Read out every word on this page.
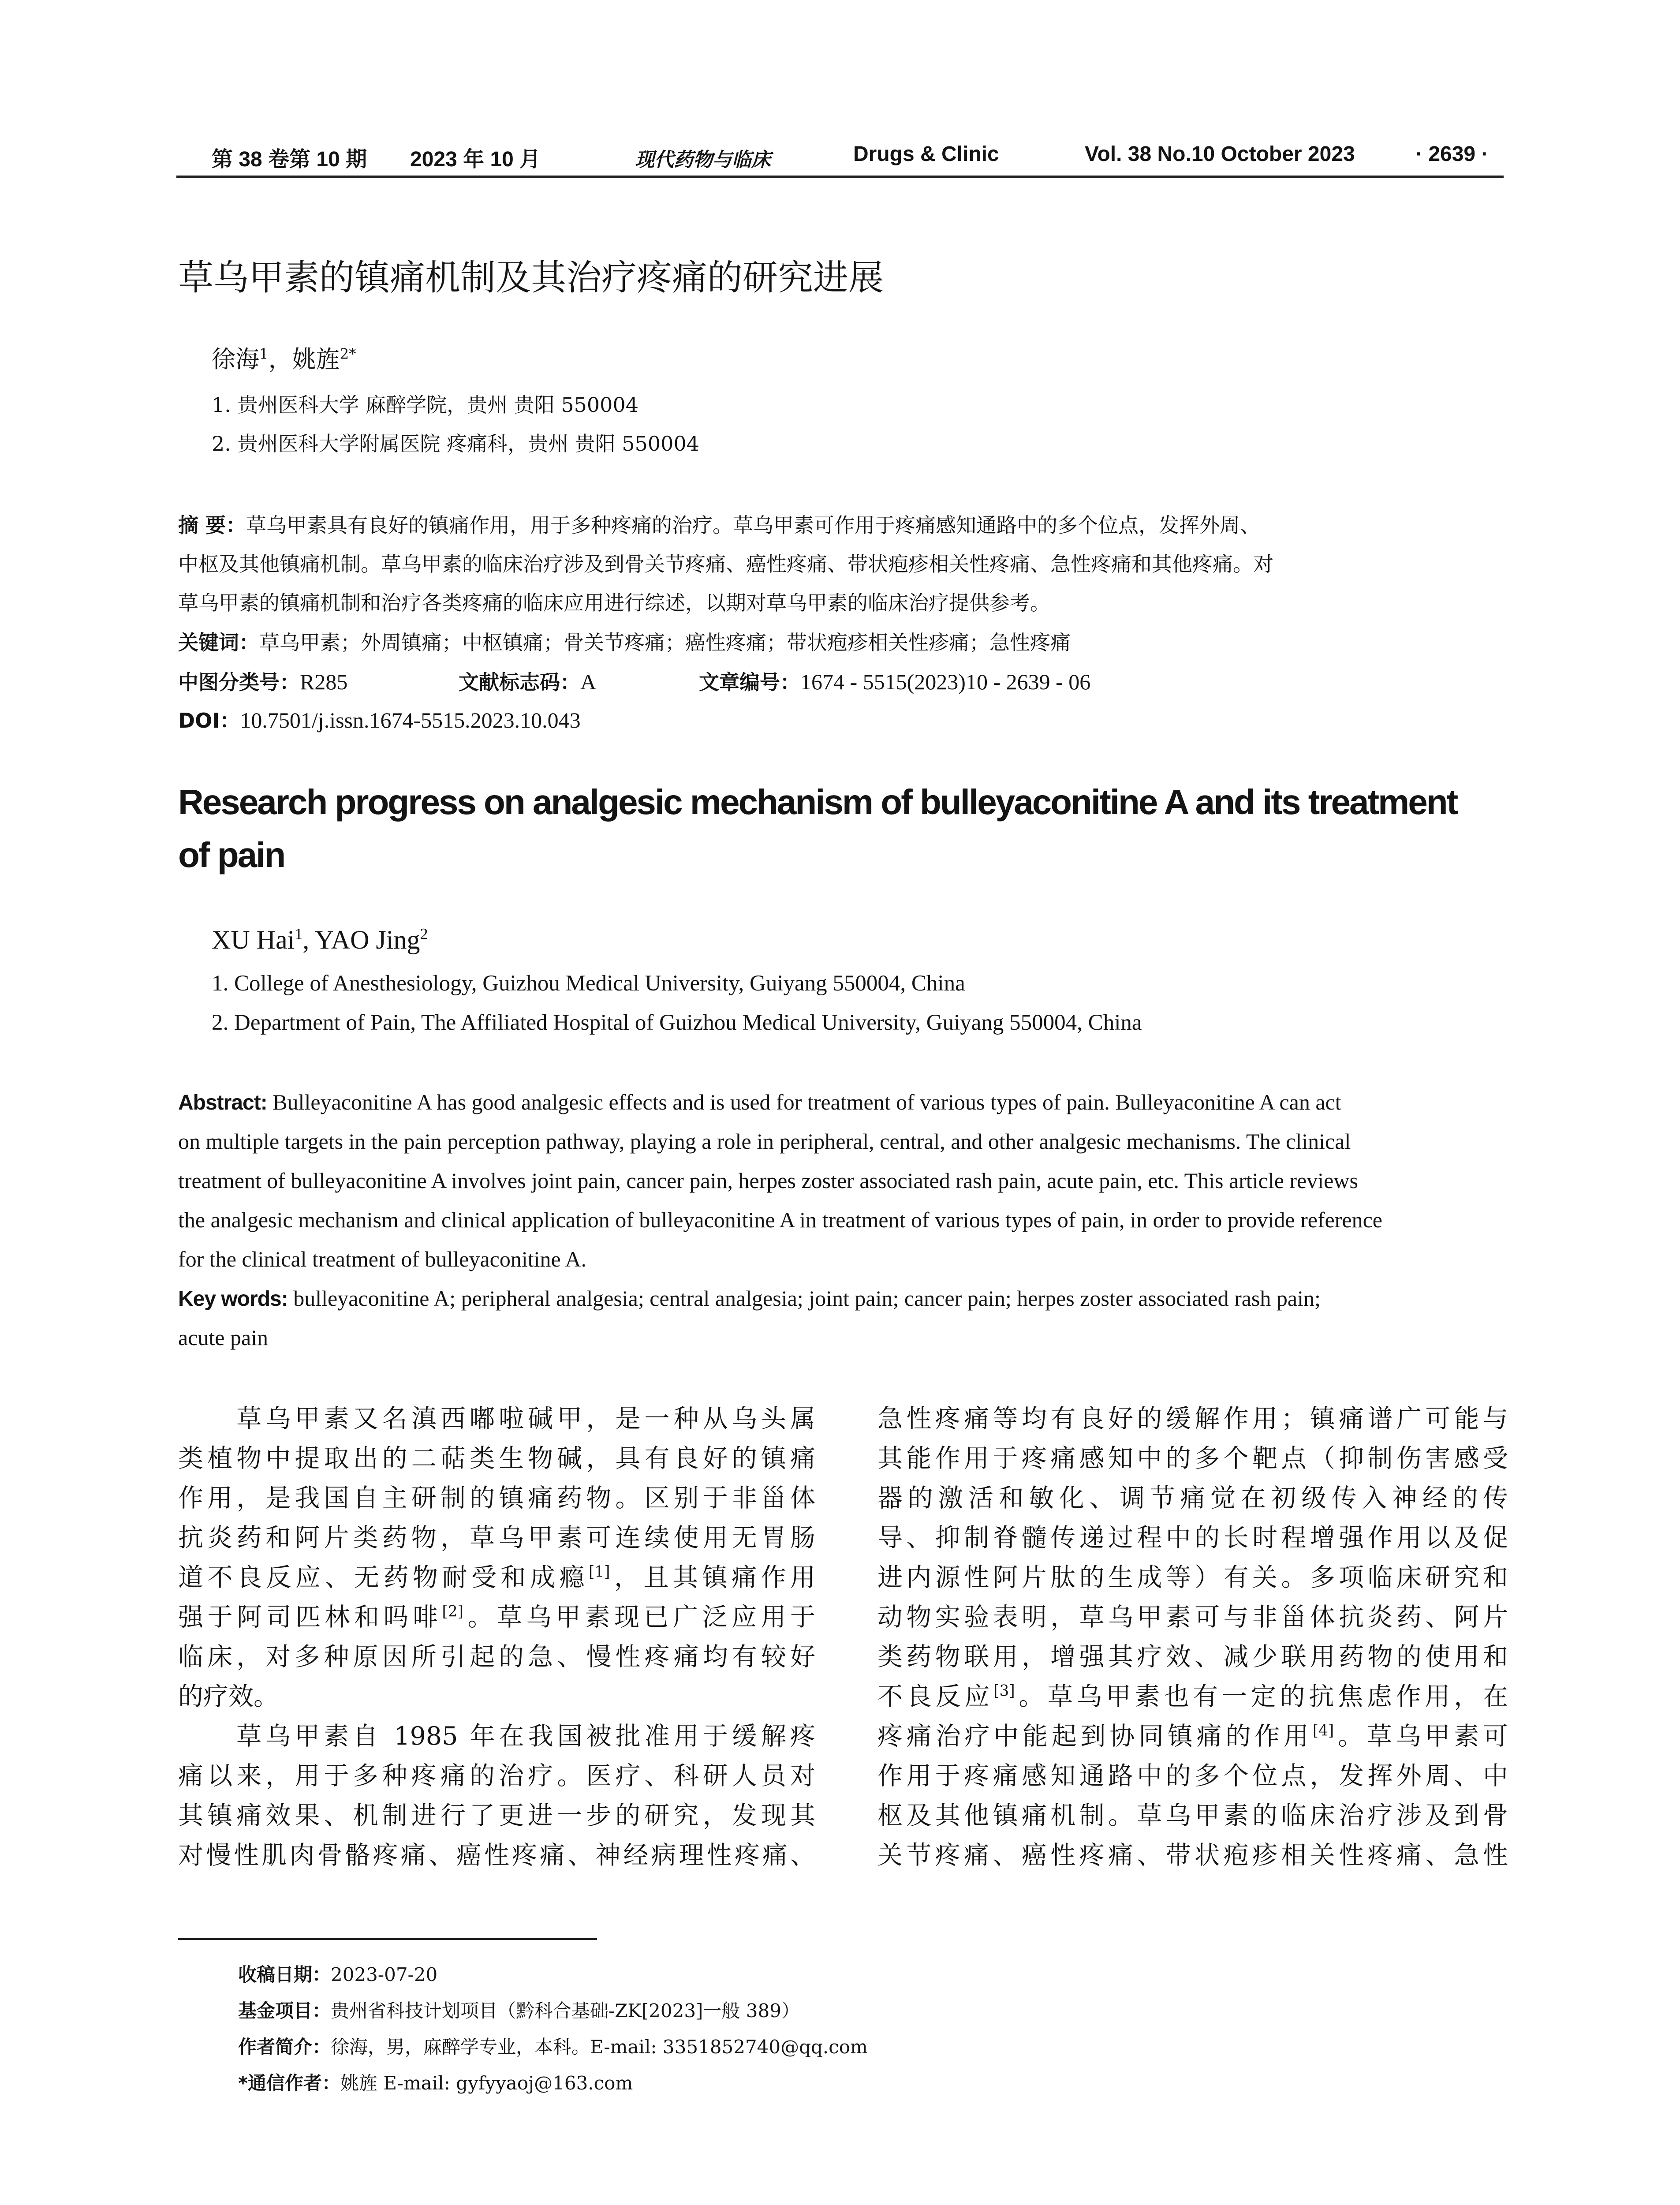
第 38 卷第 10 期 2023 年 10 月	现代药物与临床	Drugs & Clinic	Vol. 38 No.10 October 2023	· 2639 ·
草乌甲素的镇痛机制及其治疗疼痛的研究进展
徐海$^1$，姚旌$^{2*}$
1. 贵州医科大学 麻醉学院，贵州 贵阳 550004
2. 贵州医科大学附属医院 疼痛科，贵州 贵阳 550004
摘 要：草乌甲素具有良好的镇痛作用，用于多种疼痛的治疗。草乌甲素可作用于疼痛感知通路中的多个位点，发挥外周、
中枢及其他镇痛机制。草乌甲素的临床治疗涉及到骨关节疼痛、癌性疼痛、带状疱疹相关性疼痛、急性疼痛和其他疼痛。对
草乌甲素的镇痛机制和治疗各类疼痛的临床应用进行综述，以期对草乌甲素的临床治疗提供参考。
关键词：草乌甲素；外周镇痛；中枢镇痛；骨关节疼痛；癌性疼痛；带状疱疹相关性疹痛；急性疼痛
中图分类号：R285	文献标志码：A	文章编号：1674 - 5515(2023)10 - 2639 - 06
DOI：10.7501/j.issn.1674-5515.2023.10.043
Research progress on analgesic mechanism of bulleyaconitine A and its treatment
of pain
XU Hai$^1$, YAO Jing$^2$
1. College of Anesthesiology, Guizhou Medical University, Guiyang 550004, China
2. Department of Pain, The Affiliated Hospital of Guizhou Medical University, Guiyang 550004, China
Abstract: Bulleyaconitine A has good analgesic effects and is used for treatment of various types of pain. Bulleyaconitine A can act
on multiple targets in the pain perception pathway, playing a role in peripheral, central, and other analgesic mechanisms. The clinical
treatment of bulleyaconitine A involves joint pain, cancer pain, herpes zoster associated rash pain, acute pain, etc. This article reviews
the analgesic mechanism and clinical application of bulleyaconitine A in treatment of various types of pain, in order to provide reference
for the clinical treatment of bulleyaconitine A.
Key words: bulleyaconitine A; peripheral analgesia; central analgesia; joint pain; cancer pain; herpes zoster associated rash pain;
acute pain
　　草乌甲素又名滇西嘟啦碱甲，是一种从乌头属
类植物中提取出的二萜类生物碱，具有良好的镇痛
作用，是我国自主研制的镇痛药物。区别于非甾体
抗炎药和阿片类药物，草乌甲素可连续使用无胃肠
道不良反应、无药物耐受和成瘾[1]，且其镇痛作用
强于阿司匹林和吗啡[2]。草乌甲素现已广泛应用于
临床，对多种原因所引起的急、慢性疼痛均有较好
的疗效。
　　草乌甲素自 1985 年在我国被批准用于缓解疼
痛以来，用于多种疼痛的治疗。医疗、科研人员对
其镇痛效果、机制进行了更进一步的研究，发现其
对慢性肌肉骨骼疼痛、癌性疼痛、神经病理性疼痛、
急性疼痛等均有良好的缓解作用；镇痛谱广可能与
其能作用于疼痛感知中的多个靶点（抑制伤害感受
器的激活和敏化、调节痛觉在初级传入神经的传
导、抑制脊髓传递过程中的长时程增强作用以及促
进内源性阿片肽的生成等）有关。多项临床研究和
动物实验表明，草乌甲素可与非甾体抗炎药、阿片
类药物联用，增强其疗效、减少联用药物的使用和
不良反应[3]。草乌甲素也有一定的抗焦虑作用，在
疼痛治疗中能起到协同镇痛的作用[4]。草乌甲素可
作用于疼痛感知通路中的多个位点，发挥外周、中
枢及其他镇痛机制。草乌甲素的临床治疗涉及到骨
关节疼痛、癌性疼痛、带状疱疹相关性疼痛、急性
收稿日期：2023-07-20
基金项目：贵州省科技计划项目（黔科合基础-ZK[2023]一般 389）
作者简介：徐海，男，麻醉学专业，本科。E-mail: 3351852740@qq.com
*通信作者：姚旌 E-mail: gyfyyaoj@163.com
